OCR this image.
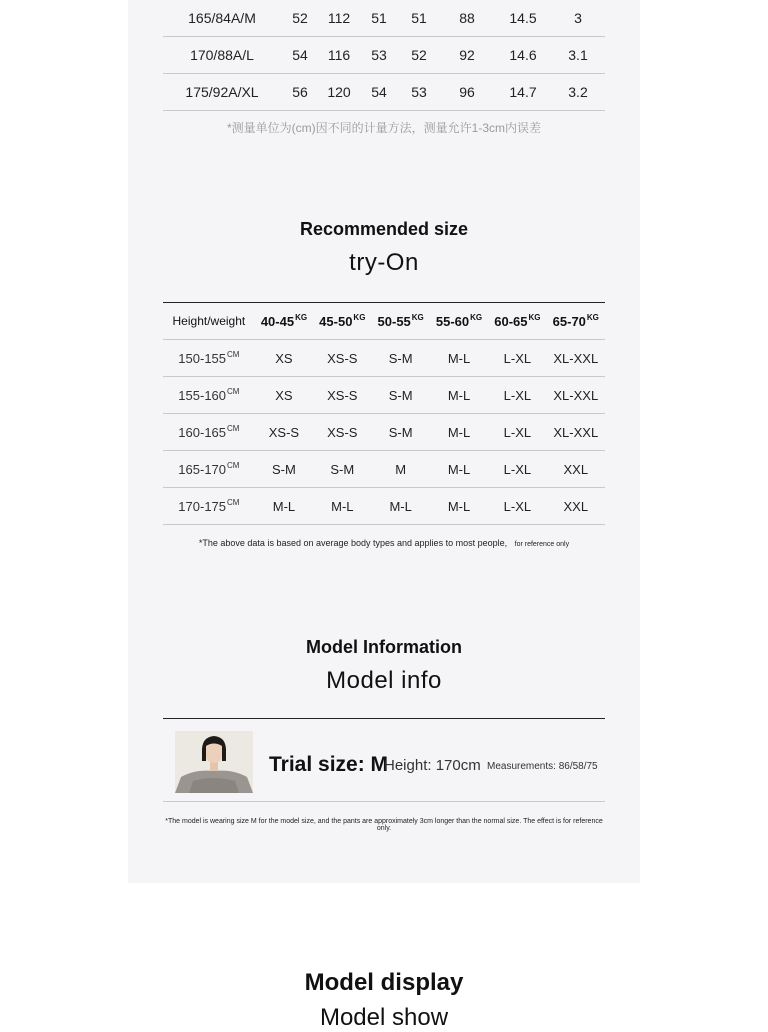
165/84A/M	52	112	51	51	88	14.5	3
170/88A/L	54	116	53	52	92	14.6	3.1
175/92A/XL	56	120	54	53	96	14.7	3.2
*测量单位为(cm)因不同的计量方法，测量允许1-3cm内误差
Recommended size
try-On
Height/weight	$40-45^{KG}$	$45-50^{KG}$	$50-55^{KG}$	$55-60^{KG}$	$60-65^{KG}$	$65-70^{KG}$
$150-155^{CM}$	XS	XS-S	S-M	M-L	L-XL	XL-XXL
$155-160^{CM}$	XS	XS-S	S-M	M-L	L-XL	XL-XXL
$160-165^{CM}$	XS-S	XS-S	S-M	M-L	L-XL	XL-XXL
$165-170^{CM}$	S-M	S-M	M	M-L	L-XL	XXL
$170-175^{CM}$	M-L	M-L	M-L	M-L	L-XL	XXL
*The above data is based on average body types and applies to most people, for reference only
Model Information
Model info
Trial size: M
Height: 170cm Measurements: 86/58/75
*The model is wearing size M for the model size, and the pants are approximately 3cm longer than the normal size. The effect is for reference only.
Model display
Model show
